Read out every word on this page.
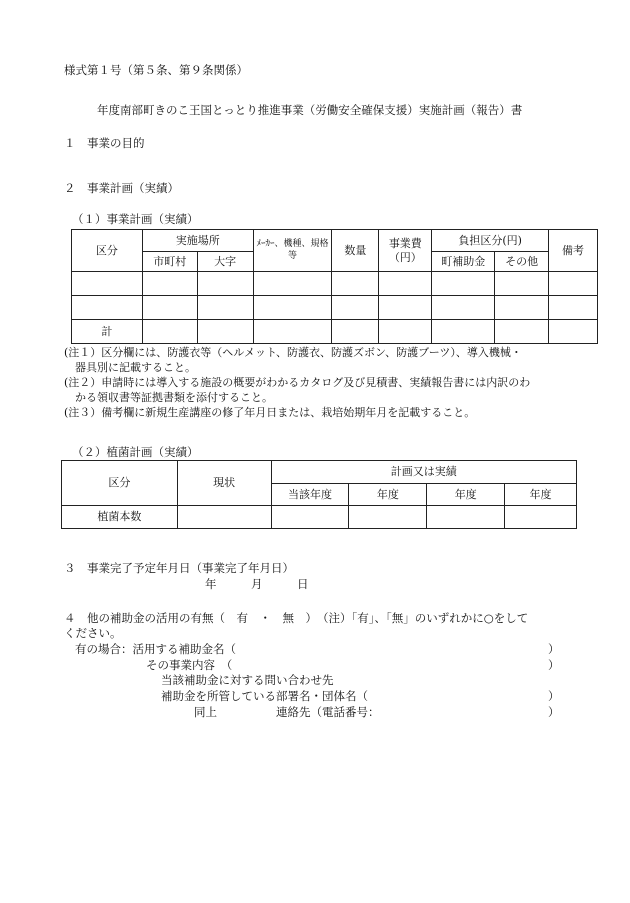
様式第１号（第５条、第９条関係）
年度南部町きのこ王国とっとり推進事業（労働安全確保支援）実施計画（報告）書
１　事業の目的
２　事業計画（実績）
（１）事業計画（実績）
区分	実施場所		ﾒｰｶｰ、機種、規格等	数量	事業費（円）	負担区分(円)		備考
	市町村	大字				町補助金	その他	

計								
(注１）区分欄には、防護衣等（ヘルメット、防護衣、防護ズボン、防護ブーツ）、導入機械・
　器具別に記載すること。
(注２）申請時には導入する施設の概要がわかるカタログ及び見積書、実績報告書には内訳のわ
　かる領収書等証拠書類を添付すること。
(注３）備考欄に新規生産講座の修了年月日または、栽培始期年月を記載すること。
（２）植菌計画（実績）
区分	現状	計画又は実績			
		当該年度	年度	年度	年度
植菌本数					
３　事業完了予定年月日（事業完了年月日）
年　　　月　　　日
４　他の補助金の活用の有無（　有　・　無　）　（注）「有」、「無」のいずれかに○をして
ください。
有の場合：活用する補助金名（	）
その事業内容　（	）
当該補助金に対する問い合わせ先
補助金を所管している部署名・団体名（	）
同上	連絡先（電話番号：	）
